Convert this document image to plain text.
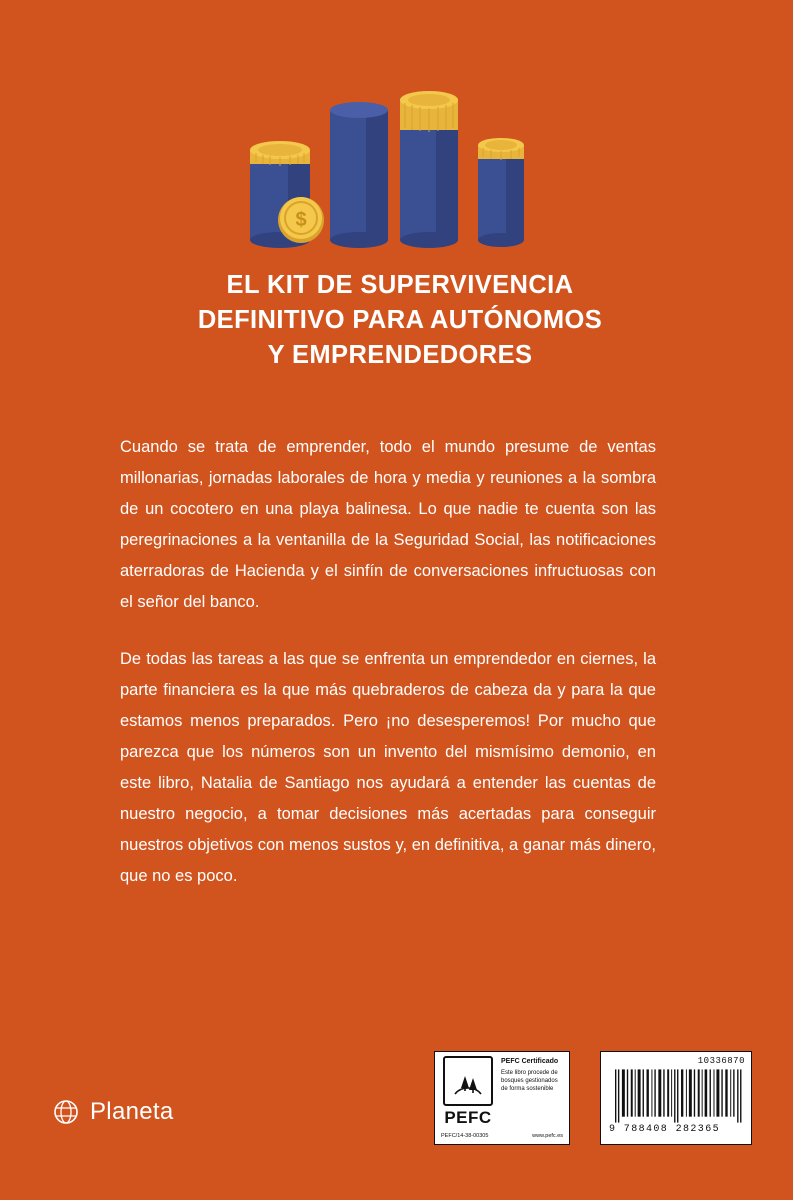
$
EL KIT DE SUPERVIVENCIA
DEFINITIVO PARA AUTÓNOMOS
Y EMPRENDEDORES

Cuando se trata de emprender, todo el mundo presume de ventas millonarias, jornadas laborales de hora y media y reuniones a la sombra de un cocotero en una playa balinesa. Lo que nadie te cuenta son las peregrinaciones a la ventanilla de la Seguridad Social, las notificaciones aterradoras de Hacienda y el sinfín de conversaciones infructuosas con el señor del banco.

De todas las tareas a las que se enfrenta un emprendedor en ciernes, la parte financiera es la que más quebraderos de cabeza da y para la que estamos menos preparados. Pero ¡no desesperemos! Por mucho que parezca que los números son un invento del mismísimo demonio, en este libro, Natalia de Santiago nos ayudará a entender las cuentas de nuestro negocio, a tomar decisiones más acertadas para conseguir nuestros objetivos con menos sustos y, en definitiva, a ganar más dinero, que no es poco.

Planeta	PEFC
PEFC Certificado
Este libro procede de bosques gestionados de forma sostenible
PEFC/14-38-00305	www.pefc.es
10336870
9 788408 282365
